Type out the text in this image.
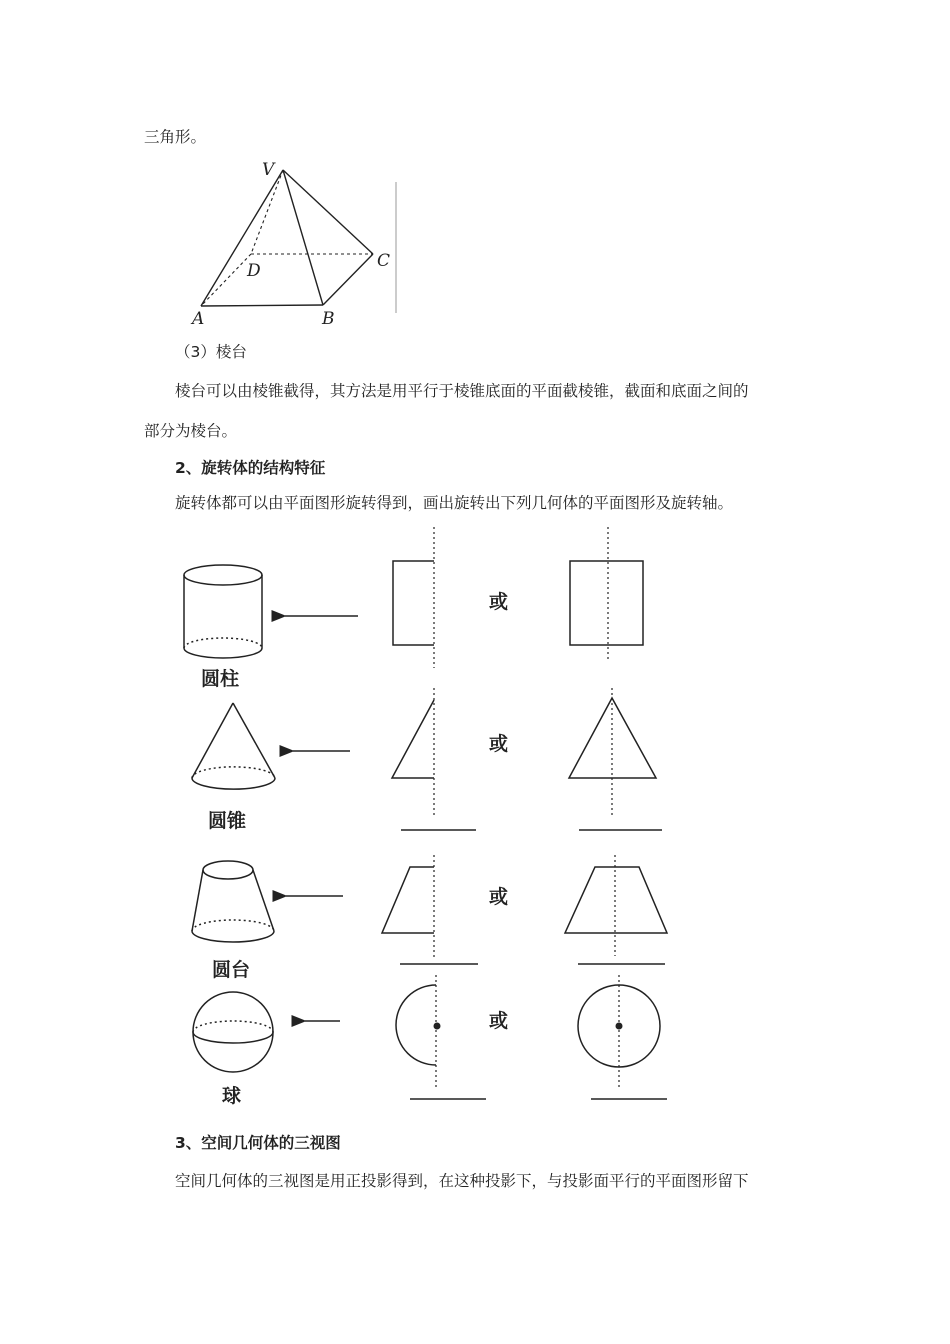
三角形。
V
D	C
A	B
（3）棱台
棱台可以由棱锥截得，其方法是用平行于棱锥底面的平面截棱锥，截面和底面之间的
部分为棱台。
2、旋转体的结构特征
旋转体都可以由平面图形旋转得到，画出旋转出下列几何体的平面图形及旋转轴。
圆柱
圆锥
圆台
球
或
或
或
或
3、空间几何体的三视图
空间几何体的三视图是用正投影得到，在这种投影下，与投影面平行的平面图形留下
